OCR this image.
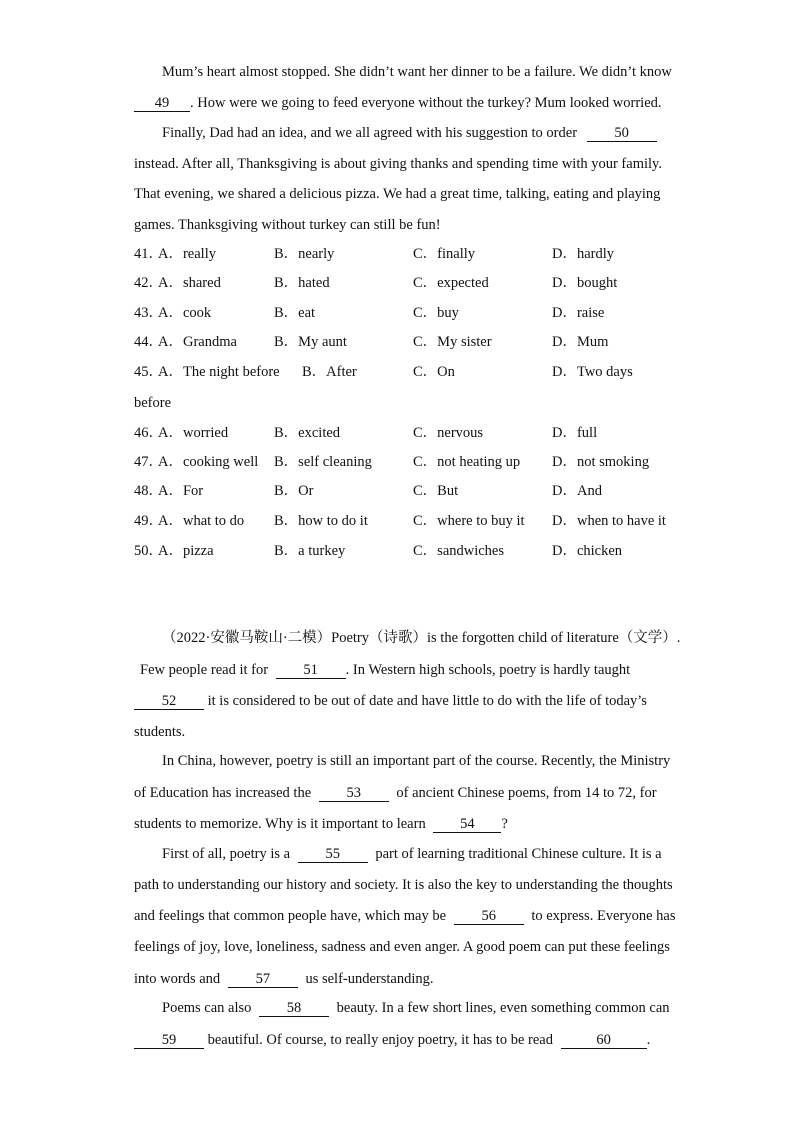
Mum’s heart almost stopped. She didn’t want her dinner to be a failure. We didn’t know
49 . How were we going to feed everyone without the turkey? Mum looked worried.
Finally, Dad had an idea, and we all agreed with his suggestion to order	50
instead. After all, Thanksgiving is about giving thanks and spending time with your family.
That evening, we shared a delicious pizza. We had a great time, talking, eating and playing
games. Thanksgiving without turkey can still be fun!
41．
A．really	B．nearly	C．finally	D．hardly
42．
A．shared	B．hated	C．expected	D．bought
43．
A．cook	B．eat	C．buy	D．raise
44．
A．Grandma	B．My aunt	C．My sister	D．Mum
45．
A．The night before B．After	C．On	D．Two days
before
46．
A．worried	B．excited	C．nervous	D．full
47．
A．cooking well B．self cleaning	C．not heating up D．not smoking
48．
A．For	B．Or	C．But	D．And
49．
A．what to do B．how to do it	C．where to buy it D．when to have it
50．
A．pizza	B．a turkey	C．sandwiches	D．chicken
（2022·安徽马鞍山·二模）Poetry（诗歌）is the forgotten child of literature（文学）.
Few people read it for 51 . In Western high schools, poetry is hardly taught
52 it is considered to be out of date and have little to do with the life of today’s
students.
In China, however, poetry is still an important part of the course. Recently, the Ministry
of Education has increased the 53 of ancient Chinese poems, from 14 to 72, for
students to memorize. Why is it important to learn 54 ?
First of all, poetry is a 55 part of learning traditional Chinese culture. It is a
path to understanding our history and society. It is also the key to understanding the thoughts
and feelings that common people have, which may be 56 to express. Everyone has
feelings of joy, love, loneliness, sadness and even anger. A good poem can put these feelings
into words and 57 us self-understanding.
Poems can also 58 beauty. In a few short lines, even something common can
59 beautiful. Of course, to really enjoy poetry, it has to be read	60 .
